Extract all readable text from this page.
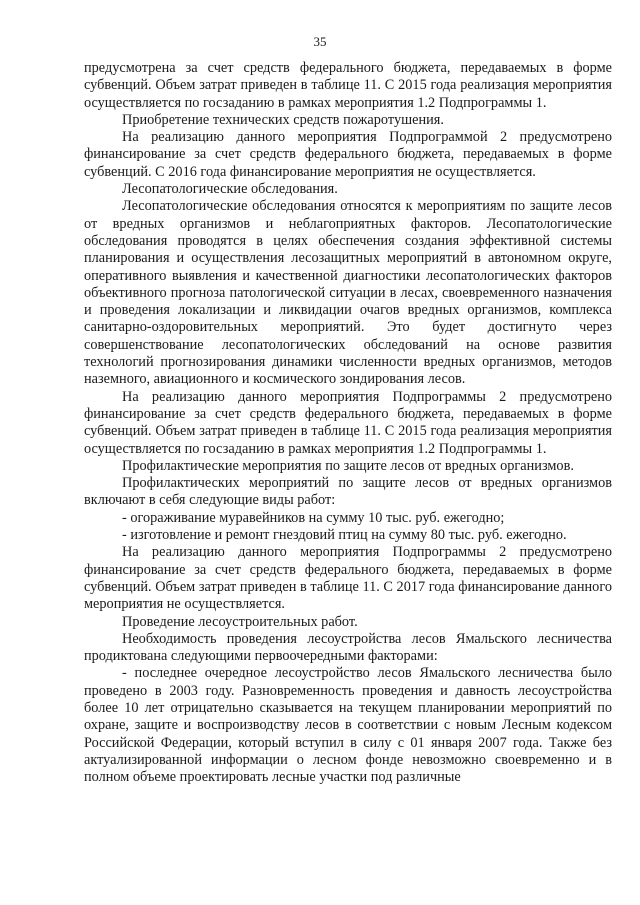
35

предусмотрена за счет средств федерального бюджета, передаваемых в форме субвенций. Объем затрат приведен в таблице 11. С 2015 года реализация мероприятия осуществляется по госзаданию в рамках мероприятия 1.2 Подпрограммы 1.

Приобретение технических средств пожаротушения.

На реализацию данного мероприятия Подпрограммой 2 предусмотрено финансирование за счет средств федерального бюджета, передаваемых в форме субвенций. С 2016 года финансирование мероприятия не осуществляется.

Лесопатологические обследования.

Лесопатологические обследования относятся к мероприятиям по защите лесов от вредных организмов и неблагоприятных факторов. Лесопатологические обследования проводятся в целях обеспечения создания эффективной системы планирования и осуществления лесозащитных мероприятий в автономном округе, оперативного выявления и качественной диагностики лесопатологических факторов объективного прогноза патологической ситуации в лесах, своевременного назначения и проведения локализации и ликвидации очагов вредных организмов, комплекса санитарно-оздоровительных мероприятий. Это будет достигнуто через совершенствование лесопатологических обследований на основе развития технологий прогнозирования динамики численности вредных организмов, методов наземного, авиационного и космического зондирования лесов.

На реализацию данного мероприятия Подпрограммы 2 предусмотрено финансирование за счет средств федерального бюджета, передаваемых в форме субвенций. Объем затрат приведен в таблице 11. С 2015 года реализация мероприятия осуществляется по госзаданию в рамках мероприятия 1.2 Подпрограммы 1.

Профилактические мероприятия по защите лесов от вредных организмов.

Профилактических мероприятий по защите лесов от вредных организмов включают в себя следующие виды работ:

- огораживание муравейников на сумму 10 тыс. руб. ежегодно;

- изготовление и ремонт гнездовий птиц на сумму 80 тыс. руб. ежегодно.

На реализацию данного мероприятия Подпрограммы 2 предусмотрено финансирование за счет средств федерального бюджета, передаваемых в форме субвенций. Объем затрат приведен в таблице 11. С 2017 года финансирование данного мероприятия не осуществляется.

Проведение лесоустроительных работ.

Необходимость проведения лесоустройства лесов Ямальского лесничества продиктована следующими первоочередными факторами:

- последнее очередное лесоустройство лесов Ямальского лесничества было проведено в 2003 году. Разновременность проведения и давность лесоустройства более 10 лет отрицательно сказывается на текущем планировании мероприятий по охране, защите и воспроизводству лесов в соответствии с новым Лесным кодексом Российской Федерации, который вступил в силу с 01 января 2007 года. Также без актуализированной информации о лесном фонде невозможно своевременно и в полном объеме проектировать лесные участки под различные
